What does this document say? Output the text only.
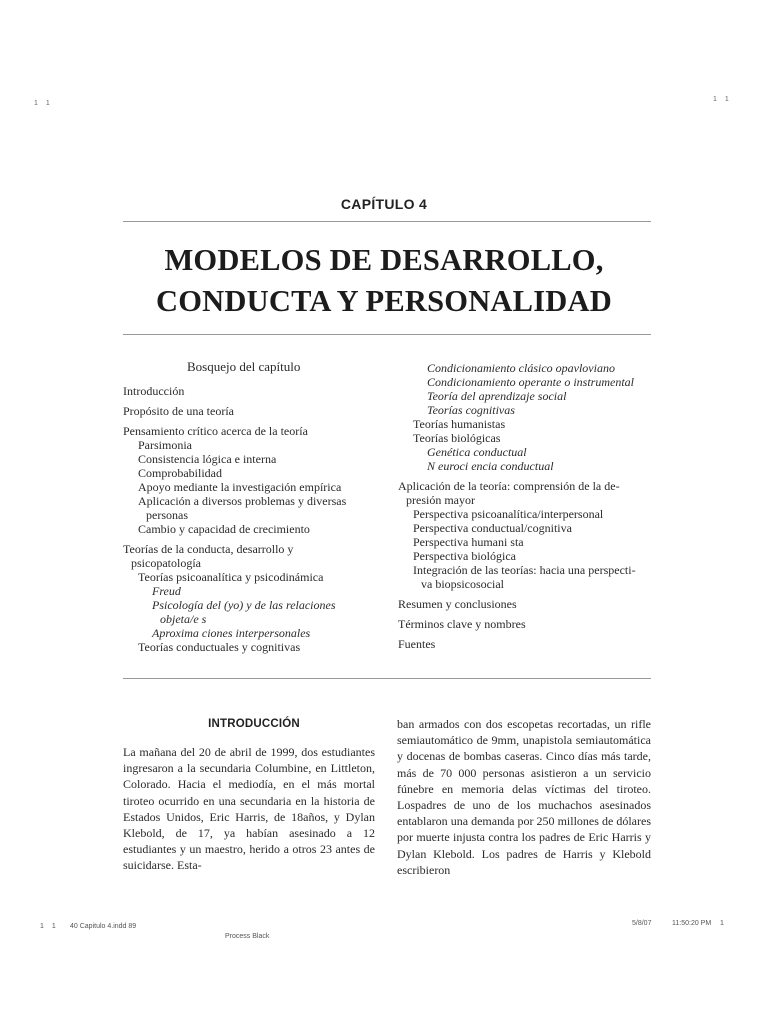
1 1
1 1
CAPÍTULO 4
MODELOS DE DESARROLLO,
CONDUCTA Y PERSONALIDAD
Bosquejo del capítulo
Introducción
Propósito de una teoría
Pensamiento crítico acerca de la teoría
Parsimonia
Consistencia lógica e interna
Comprobabilidad
Apoyo mediante la investigación empírica
Aplicación a diversos problemas y diversas
personas
Cambio y capacidad de crecimiento
Teorías de la conducta, desarrollo y
psicopatología
Teorías psicoanalítica y psicodinámica
Freud
Psicología del (yo) y de las relaciones
objeta/e s
Aproxima ciones interpersonales
Teorías conductuales y cognitivas
Condicionamiento clásico opavloviano
Condicionamiento operante o instrumental
Teoría del aprendizaje social
Teorías cognitivas
Teorías humanistas
Teorías biológicas
Genética conductual
N euroci encia conductual
Aplicación de la teoría: comprensión de la de-
presión mayor
Perspectiva psicoanalítica/interpersonal
Perspectiva conductual/cognitiva
Perspectiva humani sta
Perspectiva biológica
Integración de las teorías: hacia una perspecti-
va biopsicosocial
Resumen y conclusiones
Términos clave y nombres
Fuentes
INTRODUCCIÓN

La mañana del 20 de abril de 1999, dos estudiantes ingresaron a la secundaria Columbine, en Littleton, Colorado. Hacia el mediodía, en el más mortal tiroteo ocurrido en una secundaria en la historia de Estados Unidos, Eric Harris, de 18años, y Dylan Klebold, de 17, ya habían asesinado a 12 estudiantes y un maestro, herido a otros 23 antes de suicidarse. Esta-

ban armados con dos escopetas recortadas, un rifle semiautomático de 9mm, unapistola semiautomática y docenas de bombas caseras. Cinco días más tarde, más de 70 000 personas asistieron a un servicio fúnebre en memoria delas víctimas del tiroteo. Lospadres de uno de los muchachos asesinados entablaron una demanda por 250 millones de dólares por muerte injusta contra los padres de Eric Harris y Dylan Klebold. Los padres de Harris y Klebold escribieron

1 1 40 Capitulo 4.indd 89
Process Black
5/8/07	11:50:20 PM 1
